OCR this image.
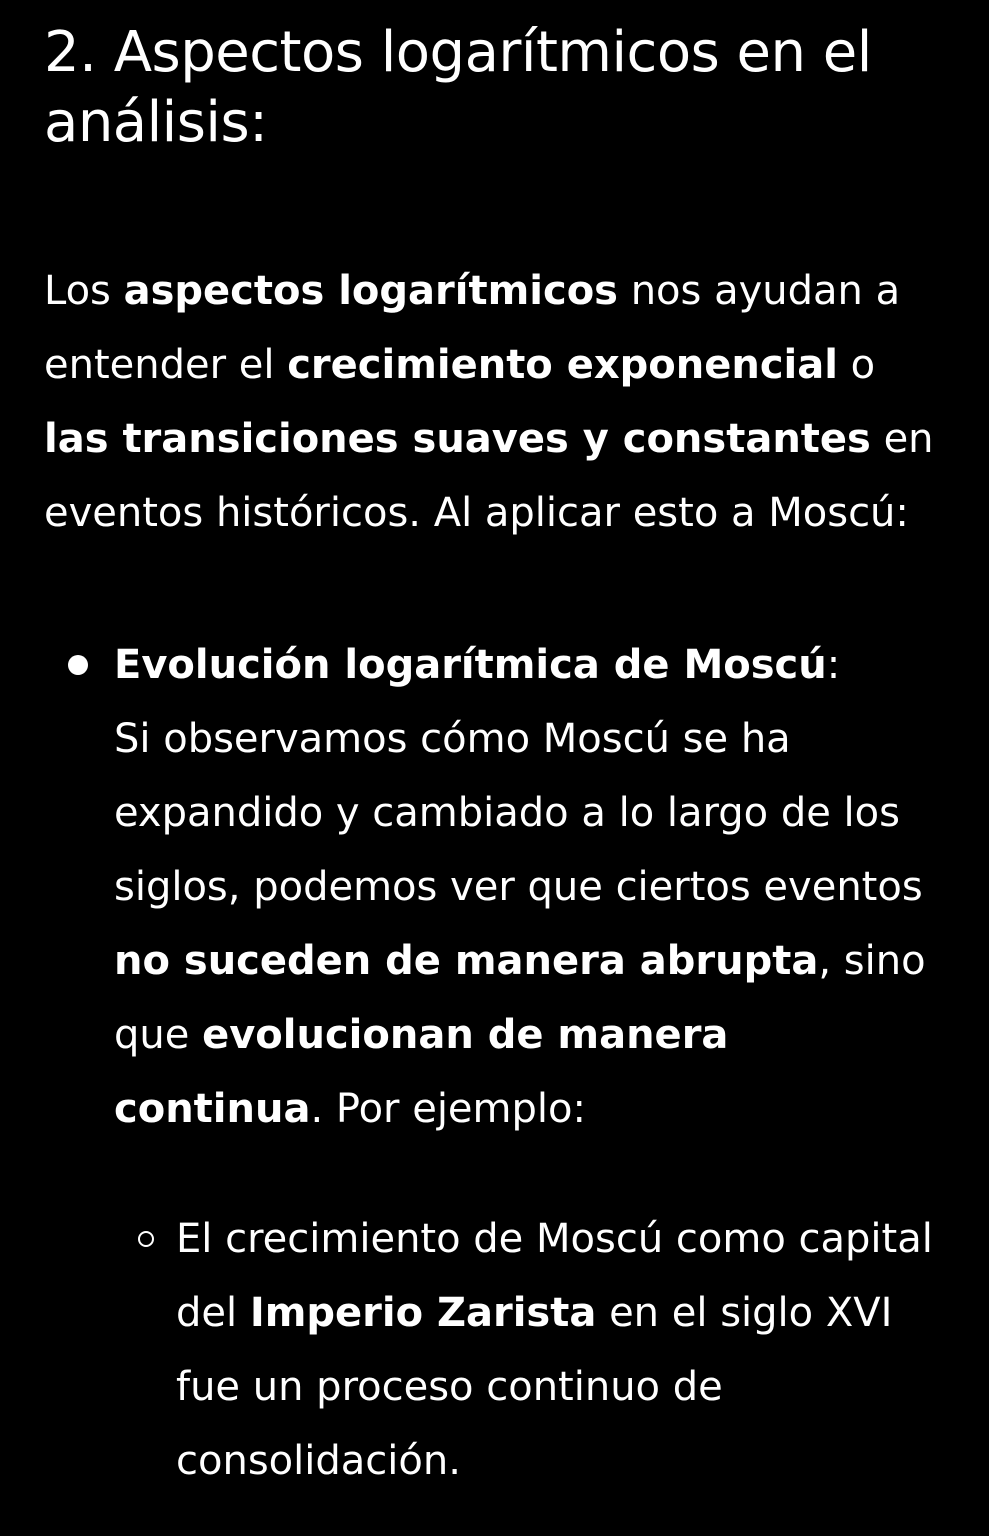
2. Aspectos logarítmicos en el análisis:

Los aspectos logarítmicos nos ayudan a entender el crecimiento exponencial o las transiciones suaves y constantes en eventos históricos. Al aplicar esto a Moscú:

Evolución logarítmica de Moscú:
Si observamos cómo Moscú se ha expandido y cambiado a lo largo de los siglos, podemos ver que ciertos eventos no suceden de manera abrupta, sino que evolucionan de manera continua. Por ejemplo:
El crecimiento de Moscú como capital del Imperio Zarista en el siglo XVI fue un proceso continuo de consolidación.
